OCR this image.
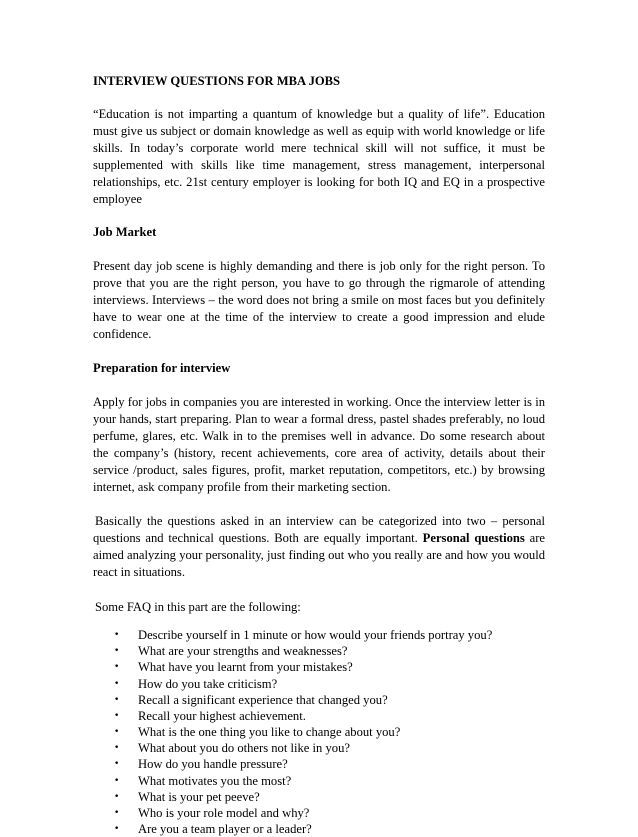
INTERVIEW QUESTIONS FOR MBA JOBS

“Education is not imparting a quantum of knowledge but a quality of life”. Education must give us subject or domain knowledge as well as equip with world knowledge or life skills. In today’s corporate world mere technical skill will not suffice, it must be supplemented with skills like time management, stress management, interpersonal relationships, etc. 21st century employer is looking for both IQ and EQ in a prospective employee

Job Market

Present day job scene is highly demanding and there is job only for the right person. To prove that you are the right person, you have to go through the rigmarole of attending interviews. Interviews – the word does not bring a smile on most faces but you definitely have to wear one at the time of the interview to create a good impression and elude confidence.

Preparation for interview

Apply for jobs in companies you are interested in working. Once the interview letter is in your hands, start preparing. Plan to wear a formal dress, pastel shades preferably, no loud perfume, glares, etc. Walk in to the premises well in advance. Do some research about the company’s (history, recent achievements, core area of activity, details about their service /product, sales figures, profit, market reputation, competitors, etc.) by browsing internet, ask company profile from their marketing section.

Basically the questions asked in an interview can be categorized into two – personal questions and technical questions. Both are equally important. Personal questions are aimed analyzing your personality, just finding out who you really are and how you would react in situations.

Some FAQ in this part are the following:

• Describe yourself in 1 minute or how would your friends portray you?
• What are your strengths and weaknesses?
• What have you learnt from your mistakes?
• How do you take criticism?
• Recall a significant experience that changed you?
• Recall your highest achievement.
• What is the one thing you like to change about you?
• What about you do others not like in you?
• How do you handle pressure?
• What motivates you the most?
• What is your pet peeve?
• Who is your role model and why?
• Are you a team player or a leader?
